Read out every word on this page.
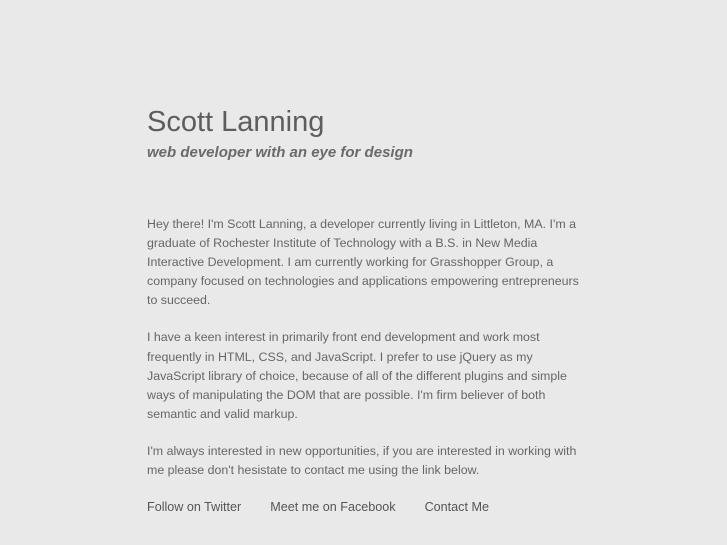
Scott Lanning
web developer with an eye for design

Hey there! I'm Scott Lanning, a developer currently living in Littleton, MA. I'm a graduate of Rochester Institute of Technology with a B.S. in New Media Interactive Development. I am currently working for Grasshopper Group, a company focused on technologies and applications empowering entrepreneurs to succeed.

I have a keen interest in primarily front end development and work most frequently in HTML, CSS, and JavaScript. I prefer to use jQuery as my JavaScript library of choice, because of all of the different plugins and simple ways of manipulating the DOM that are possible. I'm firm believer of both semantic and valid markup.

I'm always interested in new opportunities, if you are interested in working with me please don't hesistate to contact me using the link below.

Follow on Twitter Meet me on Facebook Contact Me
